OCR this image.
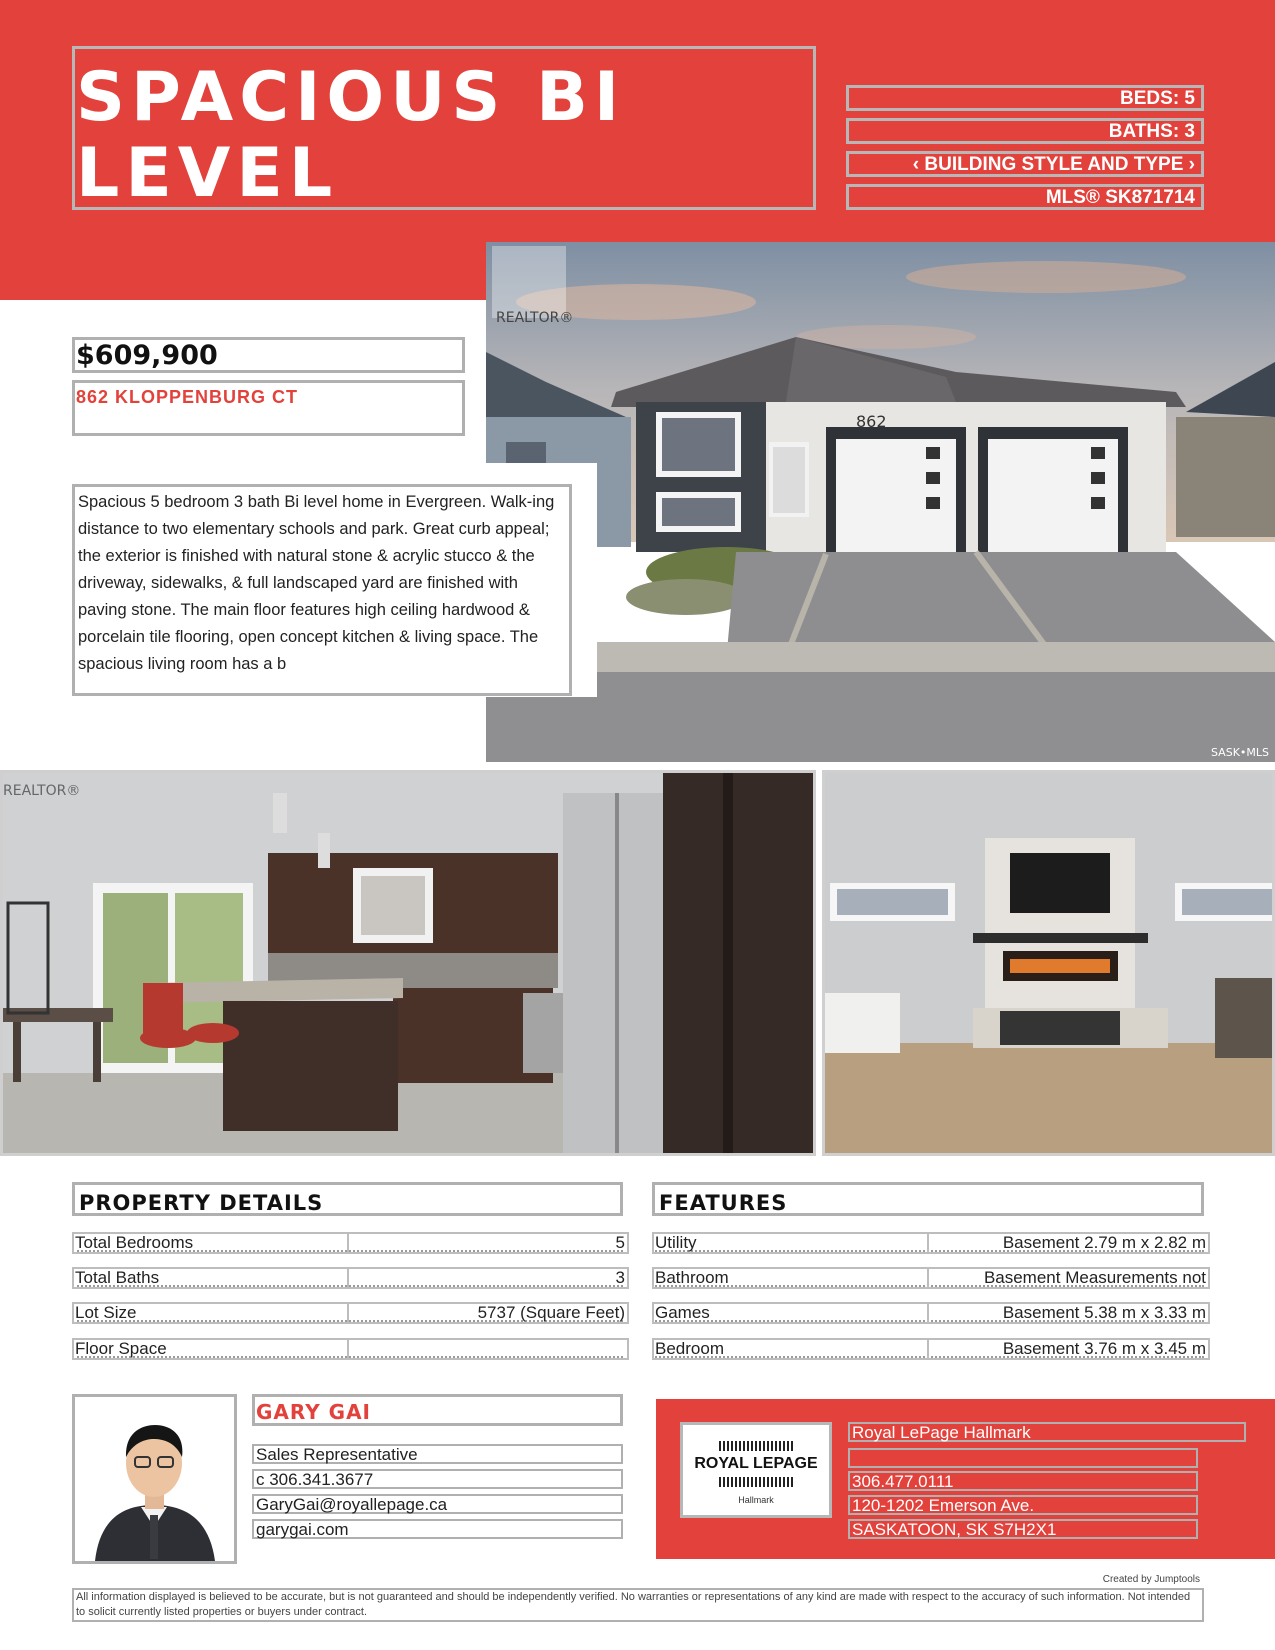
SPACIOUS BI LEVEL
BEDS: 5
BATHS: 3
‹ BUILDING STYLE AND TYPE ›
MLS® SK871714
862
REALTOR®
SASK•MLS
$609,900
862 KLOPPENBURG CT
Spacious 5 bedroom 3 bath Bi level home in Evergreen. Walk-ing distance to two elementary schools and park. Great curb appeal; the exterior is finished with natural stone & acrylic stucco & the driveway, sidewalks, & full landscaped yard are finished with paving stone. The main floor features high ceiling hardwood & porcelain tile flooring, open concept kitchen & living space. The spacious living room has a b
REALTOR®
PROPERTY DETAILS
Total Bedrooms	5
Total Baths	3
Lot Size	5737 (Square Feet)
Floor Space
FEATURES
Utility	Basement 2.79 m x 2.82 m
Bathroom	Basement Measurements not
Games	Basement 5.38 m x 3.33 m
Bedroom	Basement 3.76 m x 3.45 m
GARY GAI
Sales Representative
c 306.341.3677
GaryGai@royallepage.ca
garygai.com
ROYAL LEPAGE
Hallmark
Royal LePage Hallmark
306.477.0111
120-1202 Emerson Ave.
SASKATOON, SK S7H2X1
Created by Jumptools
All information displayed is believed to be accurate, but is not guaranteed and should be independently verified. No warranties or representations of any kind are made with respect to the accuracy of such information. Not intended to solicit currently listed properties or buyers under contract.
